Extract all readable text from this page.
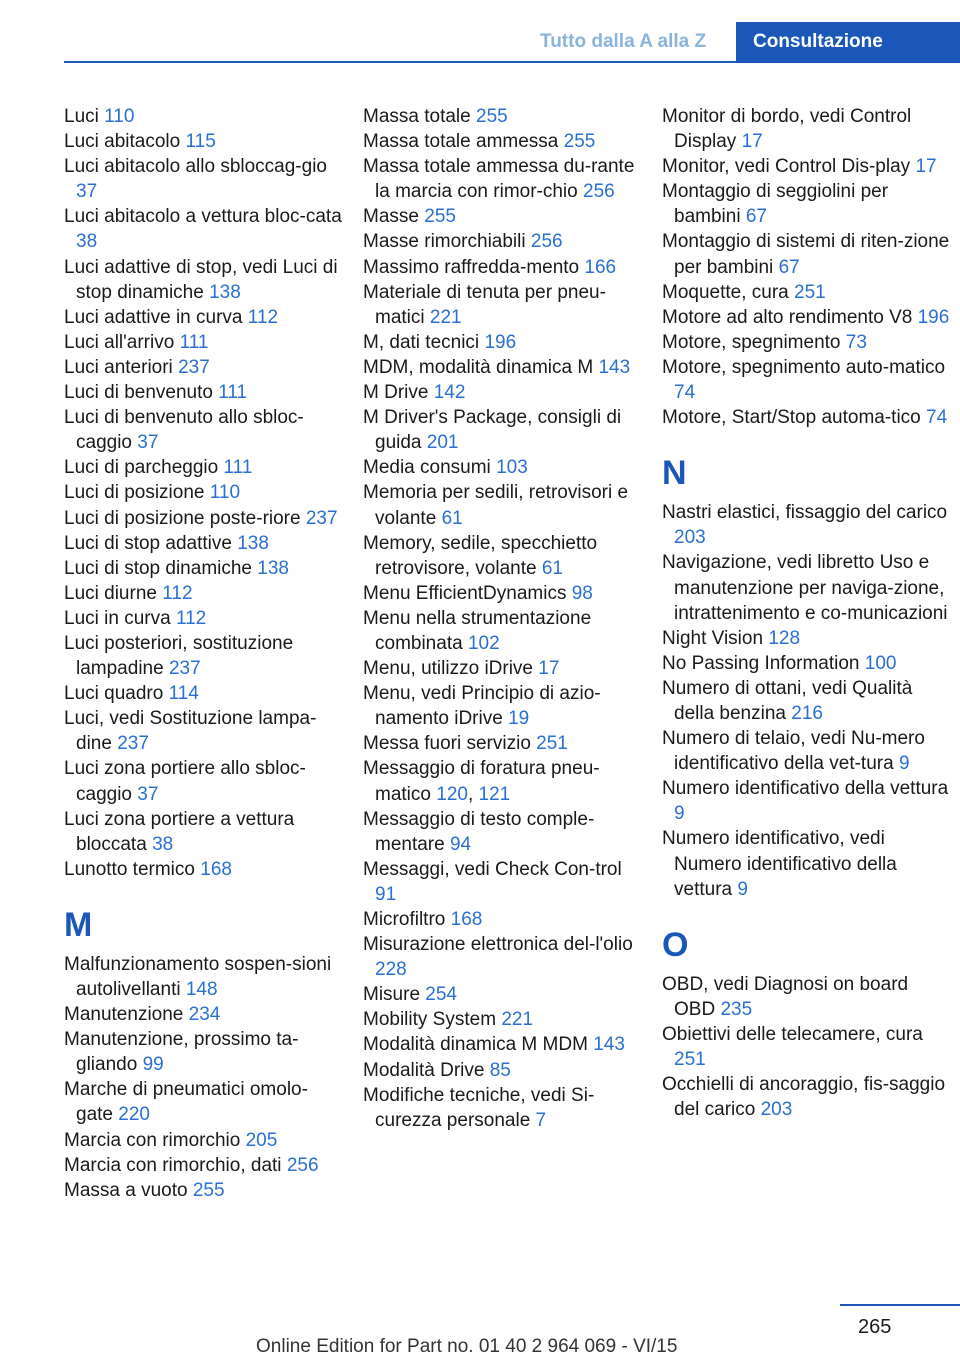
Tutto dalla A alla Z	Consultazione
Luci 110
Luci abitacolo 115
Luci abitacolo allo sbloccag-gio 37
Luci abitacolo a vettura bloc-cata 38
Luci adattive di stop, vedi Luci di stop dinamiche 138
Luci adattive in curva 112
Luci all'arrivo 111
Luci anteriori 237
Luci di benvenuto 111
Luci di benvenuto allo sbloc-caggio 37
Luci di parcheggio 111
Luci di posizione 110
Luci di posizione poste-riore 237
Luci di stop adattive 138
Luci di stop dinamiche 138
Luci diurne 112
Luci in curva 112
Luci posteriori, sostituzione lampadine 237
Luci quadro 114
Luci, vedi Sostituzione lampa-dine 237
Luci zona portiere allo sbloc-caggio 37
Luci zona portiere a vettura bloccata 38
Lunotto termico 168
M
Malfunzionamento sospen-sioni autolivellanti 148
Manutenzione 234
Manutenzione, prossimo ta-gliando 99
Marche di pneumatici omolo-gate 220
Marcia con rimorchio 205
Marcia con rimorchio, dati 256
Massa a vuoto 255
Massa totale 255
Massa totale ammessa 255
Massa totale ammessa du-rante la marcia con rimor-chio 256
Masse 255
Masse rimorchiabili 256
Massimo raffredda-mento 166
Materiale di tenuta per pneu-matici 221
M, dati tecnici 196
MDM, modalità dinamica M 143
M Drive 142
M Driver's Package, consigli di guida 201
Media consumi 103
Memoria per sedili, retrovisori e volante 61
Memory, sedile, specchietto retrovisore, volante 61
Menu EfficientDynamics 98
Menu nella strumentazione combinata 102
Menu, utilizzo iDrive 17
Menu, vedi Principio di azio-namento iDrive 19
Messa fuori servizio 251
Messaggio di foratura pneu-matico 120, 121
Messaggio di testo comple-mentare 94
Messaggi, vedi Check Con-trol 91
Microfiltro 168
Misurazione elettronica del-l'olio 228
Misure 254
Mobility System 221
Modalità dinamica M MDM 143
Modalità Drive 85
Modifiche tecniche, vedi Si-curezza personale 7
Monitor di bordo, vedi Control Display 17
Monitor, vedi Control Dis-play 17
Montaggio di seggiolini per bambini 67
Montaggio di sistemi di riten-zione per bambini 67
Moquette, cura 251
Motore ad alto rendimento V8 196
Motore, spegnimento 73
Motore, spegnimento auto-matico 74
Motore, Start/Stop automa-tico 74
N
Nastri elastici, fissaggio del carico 203
Navigazione, vedi libretto Uso e manutenzione per naviga-zione, intrattenimento e co-municazioni
Night Vision 128
No Passing Information 100
Numero di ottani, vedi Qualità della benzina 216
Numero di telaio, vedi Nu-mero identificativo della vet-tura 9
Numero identificativo della vettura 9
Numero identificativo, vedi Numero identificativo della vettura 9
O
OBD, vedi Diagnosi on board OBD 235
Obiettivi delle telecamere, cura 251
Occhielli di ancoraggio, fis-saggio del carico 203
265
Online Edition for Part no. 01 40 2 964 069 - VI/15
